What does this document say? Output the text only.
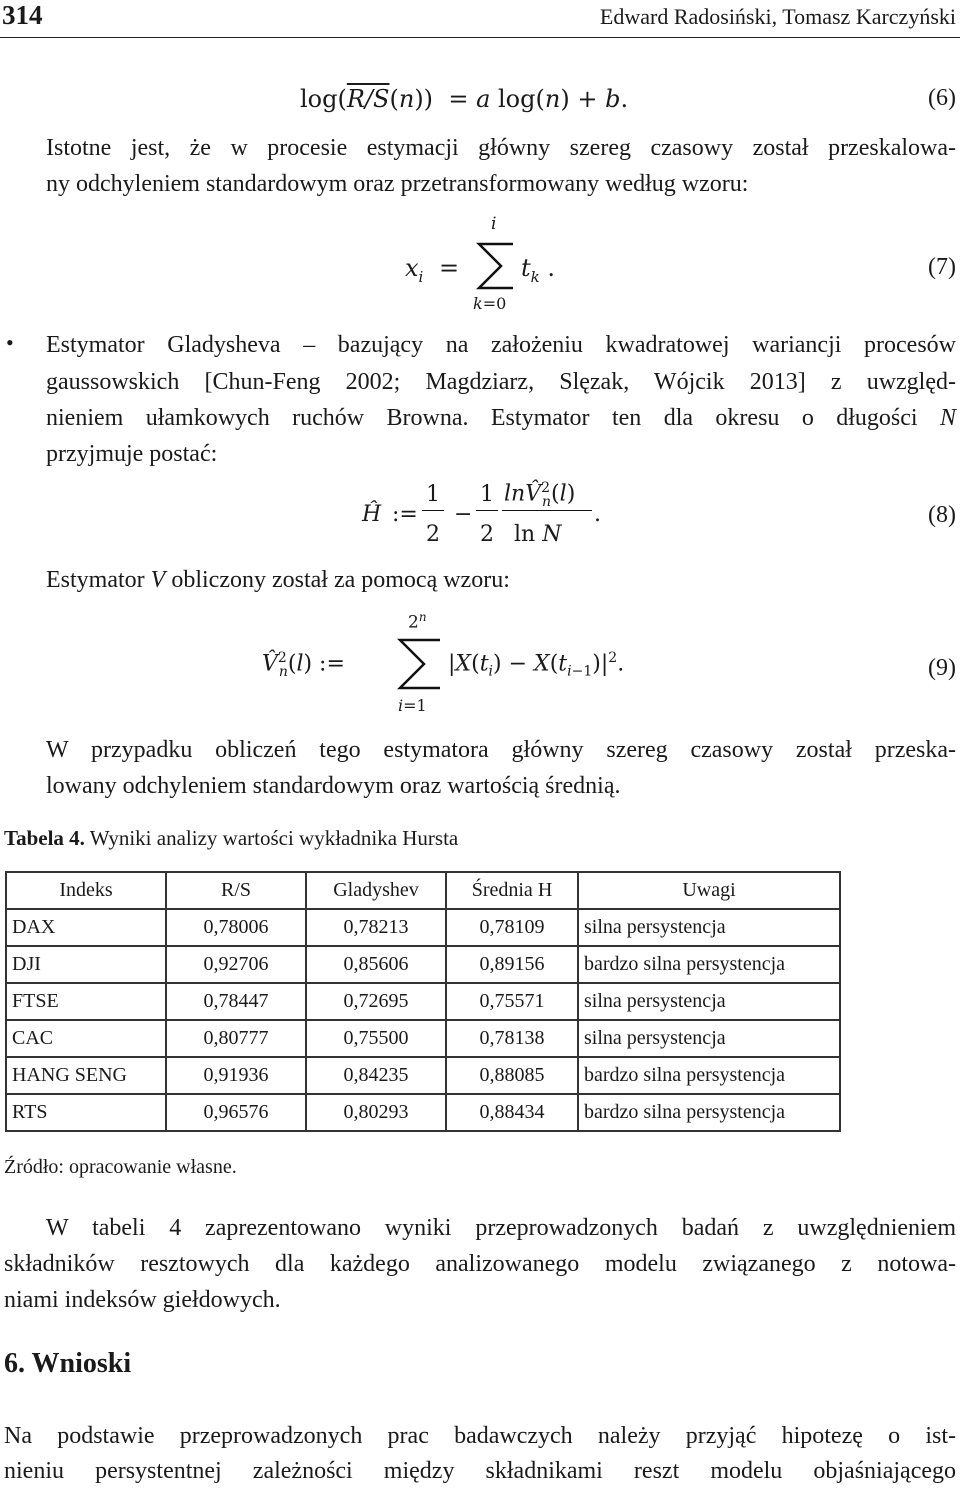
314	Edward Radosiński, Tomasz Karczyński
log(R/S(n))  = a log(n) + b.	(6)
Istotne jest, że w procesie estymacji główny szereg czasowy został przeskalowa-
ny odchyleniem standardowym oraz przetransformowany według wzoru:
$x_i$ =
i
k=0
$t_k$ .	(7)
• Estymator Gladysheva – bazujący na założeniu kwadratowej wariancji procesów
gaussowskich [Chun-Feng 2002; Magdziarz, Slęzak, Wójcik 2013] z uwzględ-
nieniem ułamkowych ruchów Browna. Estymator ten dla okresu o długości N
przyjmuje postać:
Ĥ :=
1
2
−
1
2
lnV̂$^2_n$(l)
ln N
.	(8)
Estymator V obliczony został za pomocą wzoru:
V̂$^2_n$(l) :=
$2^n$
i=1
$|X(t_i) - X(t_{i-1})|^2$.	(9)
W przypadku obliczeń tego estymatora główny szereg czasowy został przeska-
lowany odchyleniem standardowym oraz wartością średnią.
Tabela 4. Wyniki analizy wartości wykładnika Hursta
Indeks	R/S	Gladyshev	Średnia H	Uwagi
DAX	0,78006	0,78213	0,78109	silna persystencja
DJI	0,92706	0,85606	0,89156	bardzo silna persystencja
FTSE	0,78447	0,72695	0,75571	silna persystencja
CAC	0,80777	0,75500	0,78138	silna persystencja
HANG SENG	0,91936	0,84235	0,88085	bardzo silna persystencja
RTS	0,96576	0,80293	0,88434	bardzo silna persystencja
Źródło: opracowanie własne.
W tabeli 4 zaprezentowano wyniki przeprowadzonych badań z uwzględnieniem
składników resztowych dla każdego analizowanego modelu związanego z notowa-
niami indeksów giełdowych.
6. Wnioski
Na podstawie przeprowadzonych prac badawczych należy przyjąć hipotezę o ist-
nieniu persystentnej zależności między składnikami reszt modelu objaśniającego
